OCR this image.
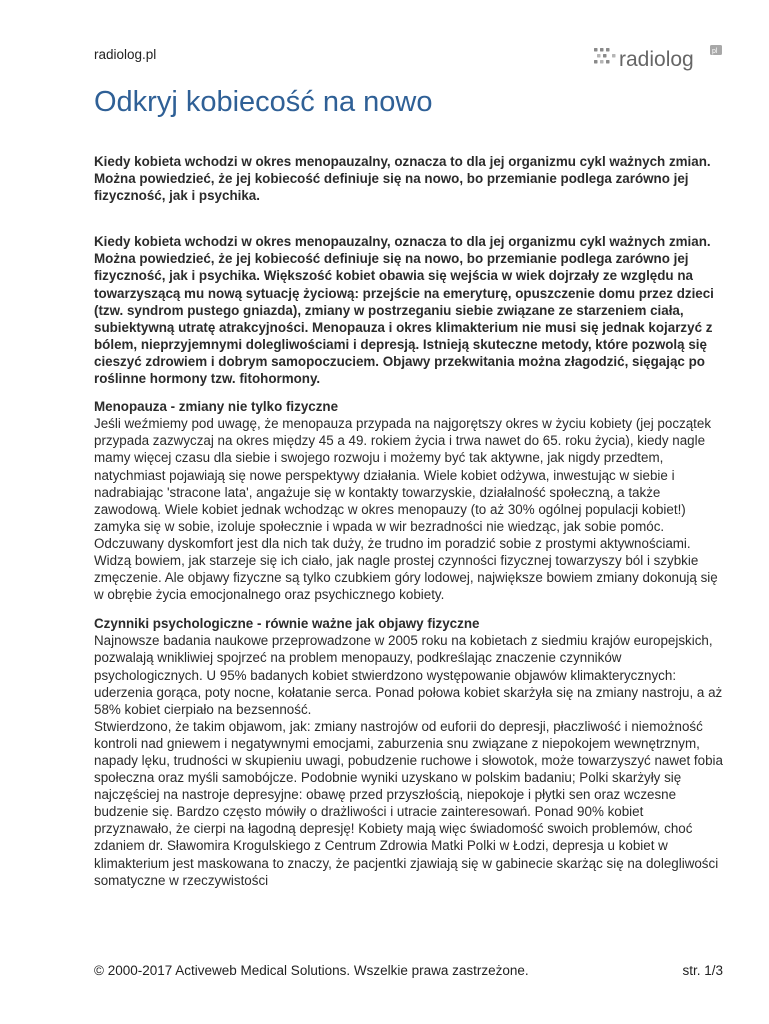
radiolog.pl	radiolog	pl
Odkryj kobiecość na nowo

Kiedy kobieta wchodzi w okres menopauzalny, oznacza to dla jej organizmu cykl ważnych zmian. Można powiedzieć, że jej kobiecość definiuje się na nowo, bo przemianie podlega zarówno jej fizyczność, jak i psychika.

Kiedy kobieta wchodzi w okres menopauzalny, oznacza to dla jej organizmu cykl ważnych zmian. Można powiedzieć, że jej kobiecość definiuje się na nowo, bo przemianie podlega zarówno jej fizyczność, jak i psychika. Większość kobiet obawia się wejścia w wiek dojrzały ze względu na towarzyszącą mu nową sytuację życiową: przejście na emeryturę, opuszczenie domu przez dzieci (tzw. syndrom pustego gniazda), zmiany w postrzeganiu siebie związane ze starzeniem ciała, subiektywną utratę atrakcyjności. Menopauza i okres klimakterium nie musi się jednak kojarzyć z bólem, nieprzyjemnymi dolegliwościami i depresją. Istnieją skuteczne metody, które pozwolą się cieszyć zdrowiem i dobrym samopoczuciem. Objawy przekwitania można złagodzić, sięgając po roślinne hormony tzw. fitohormony.

Menopauza - zmiany nie tylko fizyczne
Jeśli weźmiemy pod uwagę, że menopauza przypada na najgorętszy okres w życiu kobiety (jej początek przypada zazwyczaj na okres między 45 a 49. rokiem życia i trwa nawet do 65. roku życia), kiedy nagle mamy więcej czasu dla siebie i swojego rozwoju i możemy być tak aktywne, jak nigdy przedtem, natychmiast pojawiają się nowe perspektywy działania. Wiele kobiet odżywa, inwestując w siebie i nadrabiając 'stracone lata', angażuje się w kontakty towarzyskie, działalność społeczną, a także zawodową. Wiele kobiet jednak wchodząc w okres menopauzy (to aż 30% ogólnej populacji kobiet!) zamyka się w sobie, izoluje społecznie i wpada w wir bezradności nie wiedząc, jak sobie pomóc. Odczuwany dyskomfort jest dla nich tak duży, że trudno im poradzić sobie z prostymi aktywnościami. Widzą bowiem, jak starzeje się ich ciało, jak nagle prostej czynności fizycznej towarzyszy ból i szybkie zmęczenie. Ale objawy fizyczne są tylko czubkiem góry lodowej, największe bowiem zmiany dokonują się w obrębie życia emocjonalnego oraz psychicznego kobiety.

Czynniki psychologiczne - równie ważne jak objawy fizyczne
Najnowsze badania naukowe przeprowadzone w 2005 roku na kobietach z siedmiu krajów europejskich, pozwalają wnikliwiej spojrzeć na problem menopauzy, podkreślając znaczenie czynników psychologicznych. U 95% badanych kobiet stwierdzono występowanie objawów klimakterycznych: uderzenia gorąca, poty nocne, kołatanie serca. Ponad połowa kobiet skarżyła się na zmiany nastroju, a aż 58% kobiet cierpiało na bezsenność.
Stwierdzono, że takim objawom, jak: zmiany nastrojów od euforii do depresji, płaczliwość i niemożność kontroli nad gniewem i negatywnymi emocjami, zaburzenia snu związane z niepokojem wewnętrznym, napady lęku, trudności w skupieniu uwagi, pobudzenie ruchowe i słowotok, może towarzyszyć nawet fobia społeczna oraz myśli samobójcze. Podobnie wyniki uzyskano w polskim badaniu; Polki skarżyły się najczęściej na nastroje depresyjne: obawę przed przyszłością, niepokoje i płytki sen oraz wczesne budzenie się. Bardzo często mówiły o drażliwości i utracie zainteresowań. Ponad 90% kobiet przyznawało, że cierpi na łagodną depresję! Kobiety mają więc świadomość swoich problemów, choć zdaniem dr. Sławomira Krogulskiego z Centrum Zdrowia Matki Polki w Łodzi, depresja u kobiet w klimakterium jest maskowana to znaczy, że pacjentki zjawiają się w gabinecie skarżąc się na dolegliwości somatyczne w rzeczywistości

© 2000-2017 Activeweb Medical Solutions. Wszelkie prawa zastrzeżone.	str. 1/3
